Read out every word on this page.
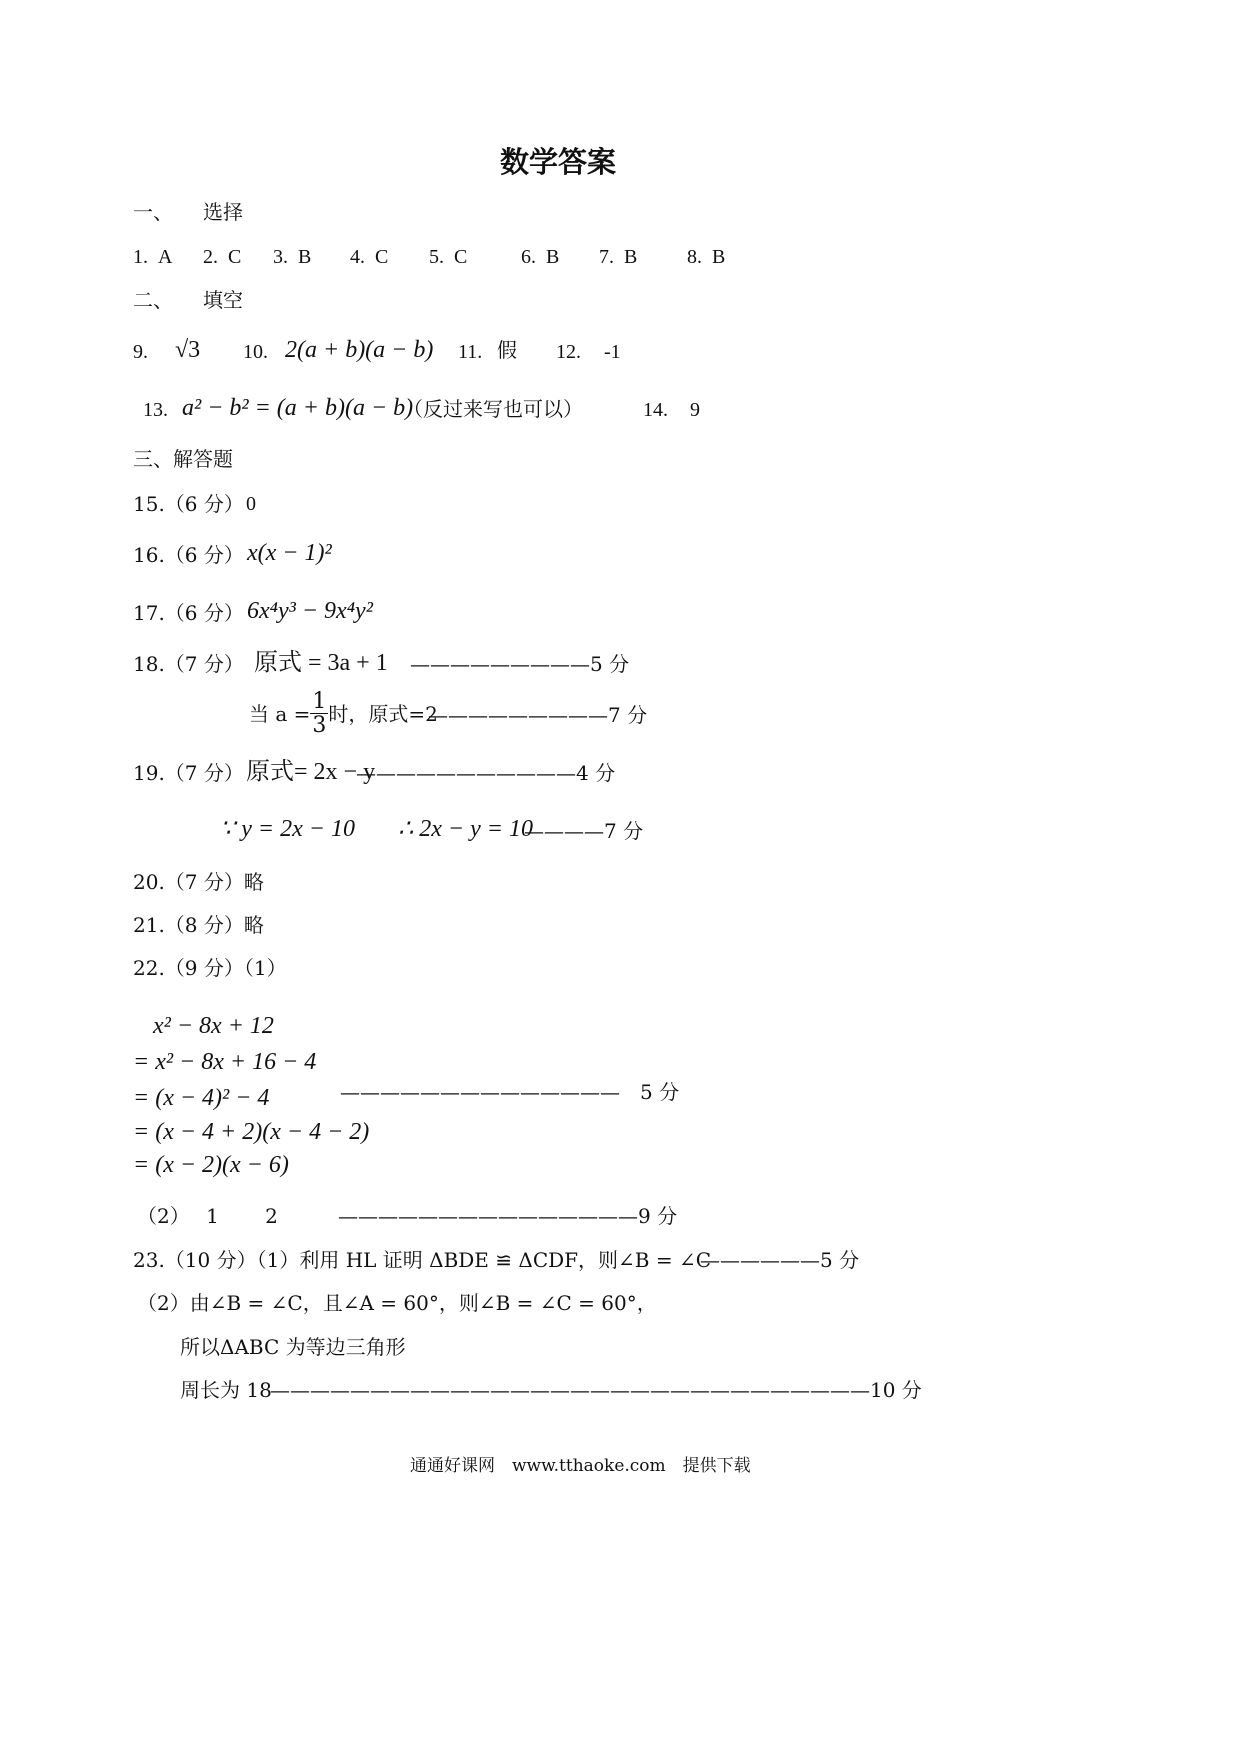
数学答案
一、　　选择
1. A 2. C 3. B 4. C 5. C	6. B 7. B 8. B
二、　　填空
9. √3 10. 2(a + b)(a − b) 11. 假 12. -1
13. a² − b² = (a + b)(a − b)
（反过来写也可以）	14. 9
三、解答题
15.（6 分） 0
16.（6 分） x(x − 1)²
17.（6 分） 6x⁴y³ − 9x⁴y²
18.（7 分） 原式 = 3a + 1 —————————5 分
当 $a = \frac{1}{3}$ 时，原式=2
—————————7 分
19.（7 分） 原式= 2x − y
———————————4 分
∵ y = 2x − 10 ∴ 2x − y = 10
————7 分
20.（7 分）略
21.（8 分）略
22.（9 分）（1）
x² − 8x + 12
= x² − 8x + 16 − 4
= (x − 4)² − 4
= (x − 4 + 2)(x − 4 − 2)
= (x − 2)(x − 6)
——————————————　5 分
（2）　 1　　 2	———————————————9 分
23.（10 分）（1）利用 HL 证明 ΔBDE ≌ ΔCDF，则∠B = ∠C
——————5 分
（2）由∠B = ∠C，且∠A = 60°，则∠B = ∠C = 60°，
所以ΔABC 为等边三角形
周长为 18
——————————————————————————————10 分
通通好课网　www.tthaoke.com　提供下载
